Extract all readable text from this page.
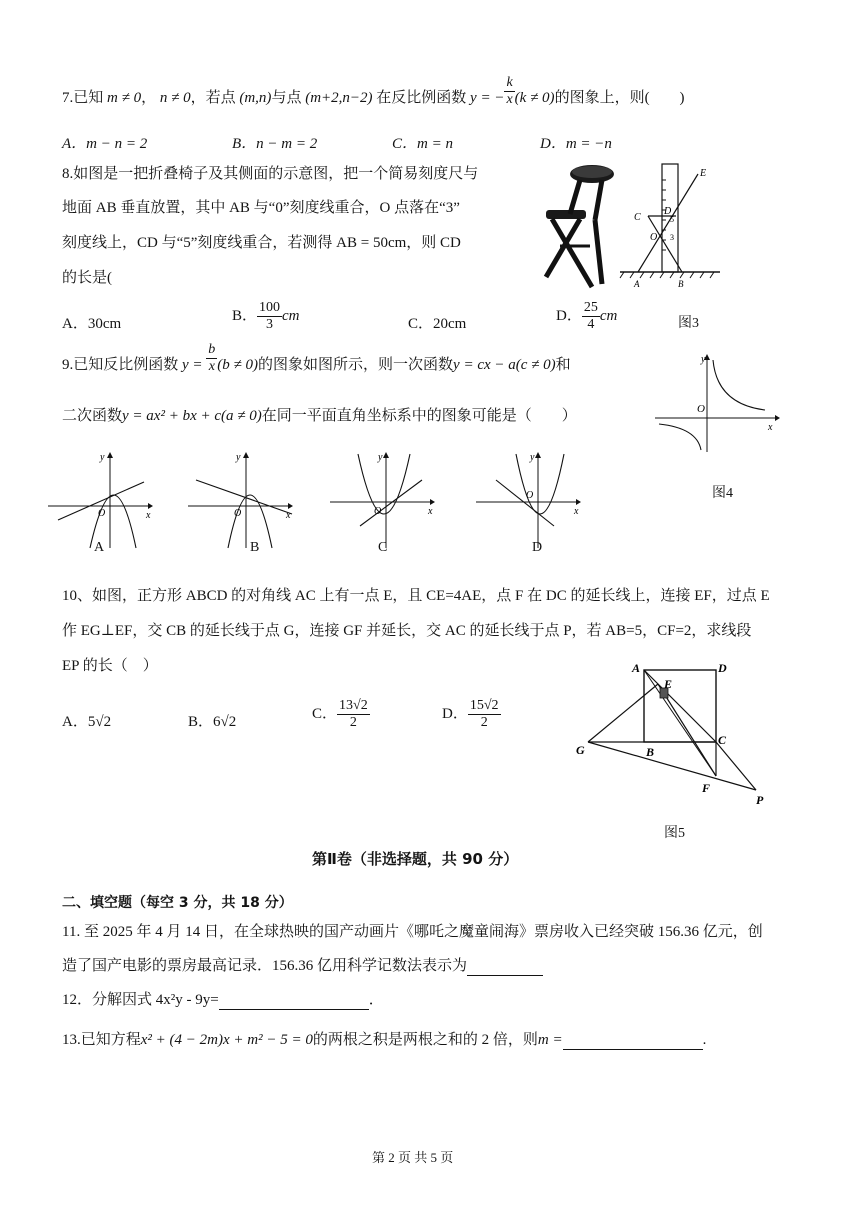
7.已知 m ≠ 0， n ≠ 0，若点 (m,n)与点 (m+2,n−2) 在反比例函数 y = − $\frac{k}{x} (k \ne 0)$的图象上，则(　　)
A．m − n = 2	B．n − m = 2	C．m = n	D．m = −n
8.如图是一把折叠椅子及其侧面的示意图，把一个简易刻度尺与
地面 AB 垂直放置，其中 AB 与“0”刻度线重合，O 点落在“3”
刻度线上，CD 与“5”刻度线重合，若测得 AB = 50cm，则 CD
的长是(
A．30cm
B． $\frac{100}{3}$ cm
C．20cm
D． $\frac{25}{4}$ cm
E
C
D
O 3
5
A	B
图3
9.已知反比例函数 $y = \frac{b}{x} (b \ne 0)$的图象如图所示，则一次函数y = cx − a(c ≠ 0)和
二次函数y = ax² + bx + c(a ≠ 0)在同一平面直角坐标系中的图象可能是（　　）
y
x
O
图4
y
x
O
A
y
x
O
B
y
x
O
C
y
x
O
D
10、如图，正方形 ABCD 的对角线 AC 上有一点 E，且 CE=4AE，点 F 在 DC 的延长线上，连接 EF，过点 E
作 EG⊥EF，交 CB 的延长线于点 G，连接 GF 并延长，交 AC 的延长线于点 P，若 AB=5，CF=2，求线段
EP 的长（　）
A．5√2	B．6√2
C． $\frac{13√2}{2}$	D． $\frac{15√2}{2}$
A	D
E
G	B
C
F
P
图5
第Ⅱ卷（非选择题，共 90 分）
二、填空题（每空 3 分，共 18 分）
11. 至 2025 年 4 月 14 日，在全球热映的国产动画片《哪吒之魔童闹海》票房收入已经突破 156.36 亿元，创
造了国产电影的票房最高记录．156.36 亿用科学记数法表示为
12．分解因式 4x²y - 9y=	．
13.已知方程x² + (4 − 2m)x + m² − 5 = 0的两根之积是两根之和的 2 倍，则m =	.
第 2 页 共 5 页
